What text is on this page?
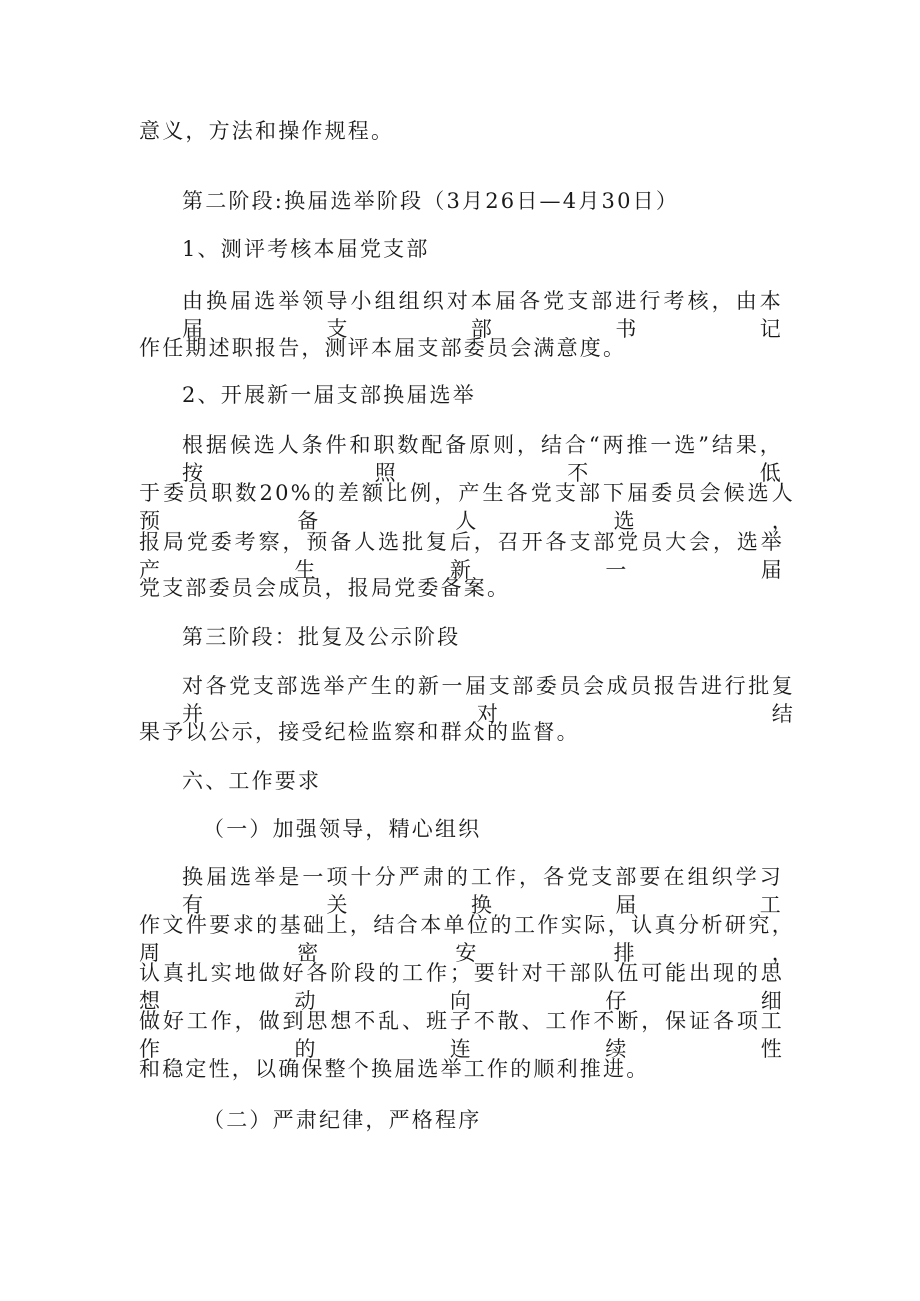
意义，方法和操作规程。
第二阶段:换届选举阶段（3月26日—4月30日）
1、测评考核本届党支部
由换届选举领导小组组织对本届各党支部进行考核，由本届支部书记
作任期述职报告，测评本届支部委员会满意度。
2、开展新一届支部换届选举
根据候选人条件和职数配备原则，结合“两推一选”结果，按照不低
于委员职数20%的差额比例，产生各党支部下届委员会候选人预备人选，
报局党委考察，预备人选批复后，召开各支部党员大会，选举产生新一届
党支部委员会成员，报局党委备案。
第三阶段：批复及公示阶段
对各党支部选举产生的新一届支部委员会成员报告进行批复并对结
果予以公示，接受纪检监察和群众的监督。
六、工作要求
（一）加强领导，精心组织
换届选举是一项十分严肃的工作，各党支部要在组织学习有关换届工
作文件要求的基础上，结合本单位的工作实际，认真分析研究，周密安排，
认真扎实地做好各阶段的工作；要针对干部队伍可能出现的思想动向仔细
做好工作，做到思想不乱、班子不散、工作不断，保证各项工作的连续性
和稳定性，以确保整个换届选举工作的顺利推进。
（二）严肃纪律，严格程序
